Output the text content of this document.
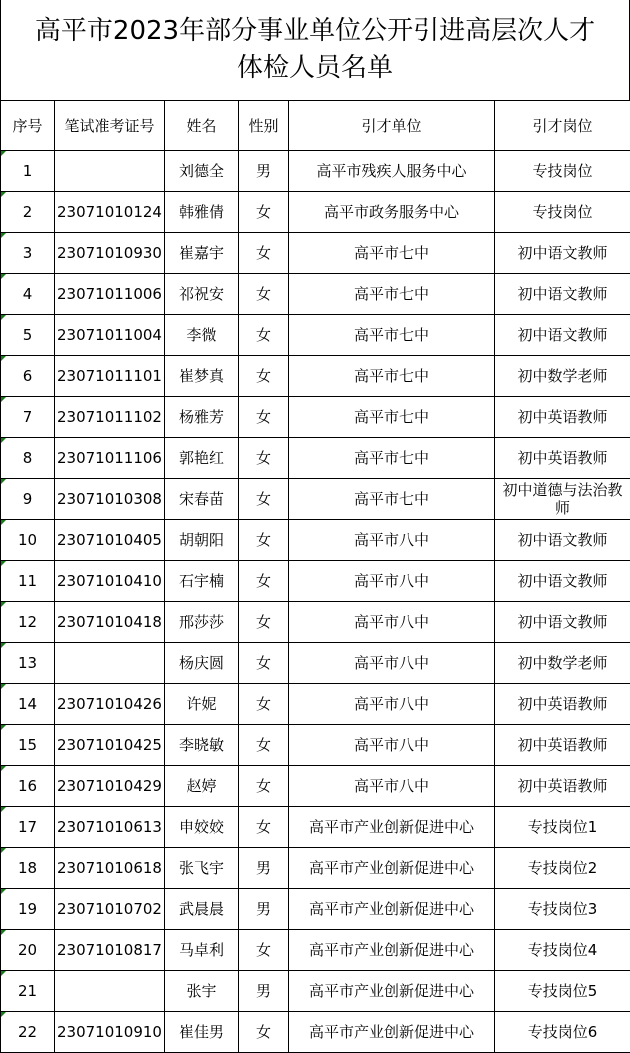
高平市2023年部分事业单位公开引进高层次人才
体检人员名单
序号	笔试准考证号	姓名	性别	引才单位	引才岗位
1		刘德全	男	高平市残疾人服务中心	专技岗位
2	23071010124	韩雅倩	女	高平市政务服务中心	专技岗位
3	23071010930	崔嘉宇	女	高平市七中	初中语文教师
4	23071011006	祁祝安	女	高平市七中	初中语文教师
5	23071011004	李微	女	高平市七中	初中语文教师
6	23071011101	崔梦真	女	高平市七中	初中数学老师
7	23071011102	杨雅芳	女	高平市七中	初中英语教师
8	23071011106	郭艳红	女	高平市七中	初中英语教师
9	23071010308	宋春苗	女	高平市七中	初中道德与法治教师
10	23071010405	胡朝阳	女	高平市八中	初中语文教师
11	23071010410	石宇楠	女	高平市八中	初中语文教师
12	23071010418	邢莎莎	女	高平市八中	初中语文教师
13		杨庆圆	女	高平市八中	初中数学老师
14	23071010426	许妮	女	高平市八中	初中英语教师
15	23071010425	李晓敏	女	高平市八中	初中英语教师
16	23071010429	赵婷	女	高平市八中	初中英语教师
17	23071010613	申姣姣	女	高平市产业创新促进中心	专技岗位1
18	23071010618	张飞宇	男	高平市产业创新促进中心	专技岗位2
19	23071010702	武晨晨	男	高平市产业创新促进中心	专技岗位3
20	23071010817	马卓利	女	高平市产业创新促进中心	专技岗位4
21		张宇	男	高平市产业创新促进中心	专技岗位5
22	23071010910	崔佳男	女	高平市产业创新促进中心	专技岗位6
